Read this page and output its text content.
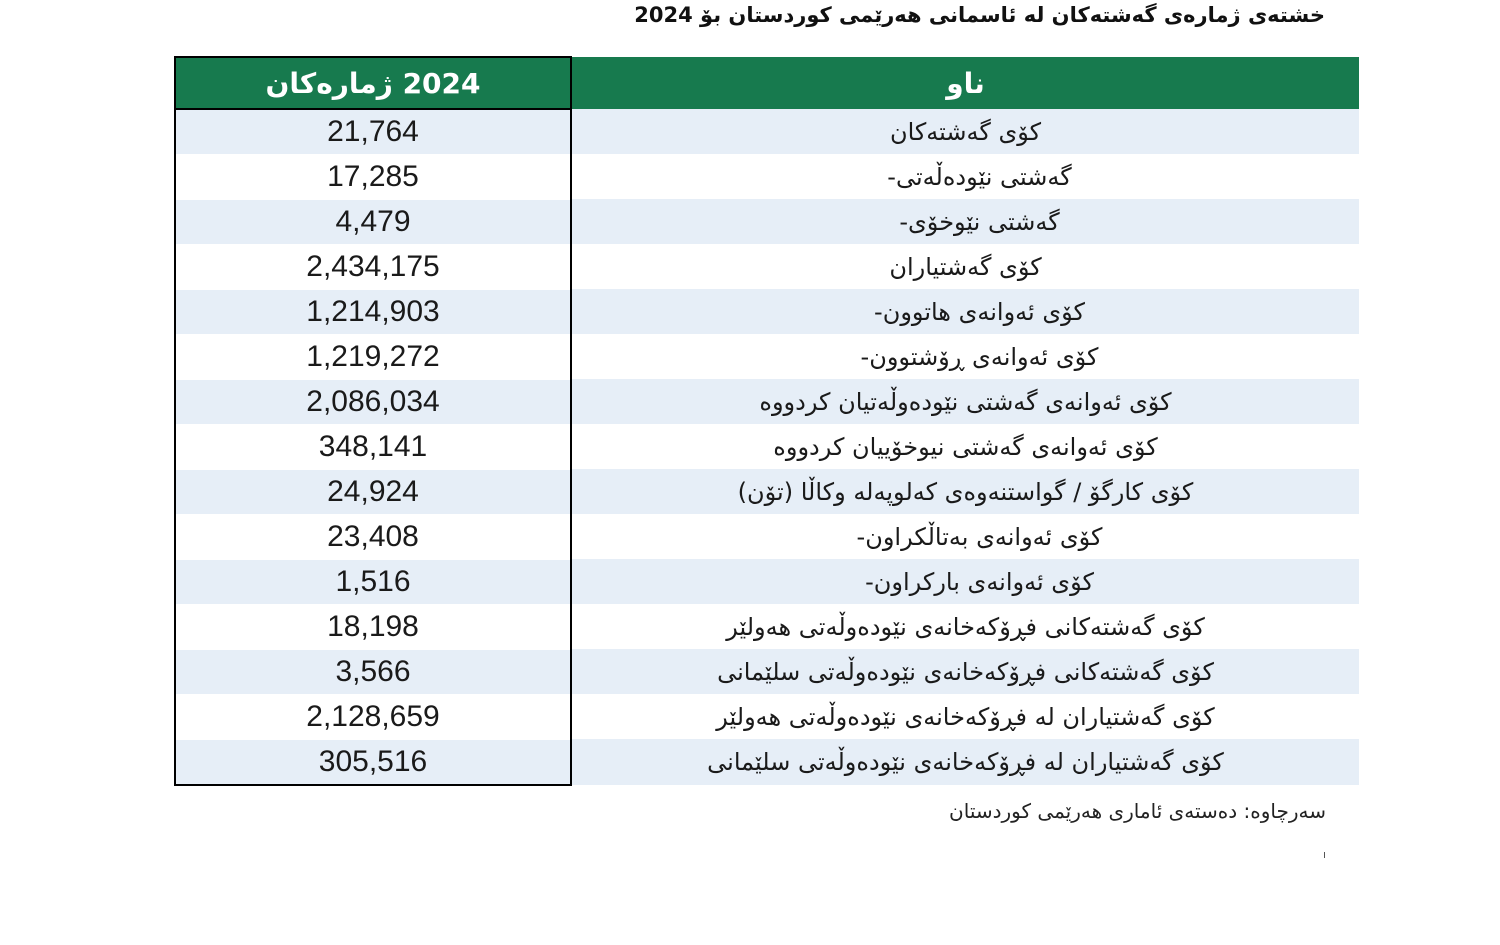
خشتەی ژمارەی گەشتەکان لە ئاسمانی هەرێمی کوردستان بۆ 2024
2024 ژمارەکان	ناو
21,764	کۆی گەشتەکان
17,285	گەشتی نێودەڵەتی-
4,479	گەشتی نێوخۆی-
2,434,175	کۆی گەشتیاران
1,214,903	کۆی ئەوانەی هاتوون-
1,219,272	کۆی ئەوانەی ڕۆشتوون-
2,086,034	کۆی ئەوانەی گەشتی نێودەوڵەتیان کردووە
348,141	کۆی ئەوانەی گەشتی نیوخۆییان کردووە
24,924	کۆی کارگۆ / گواستنەوەی کەلوپەلە وکاڵا (تۆن)
23,408	کۆی ئەوانەی بەتاڵکراون-
1,516	کۆی ئەوانەی بارکراون-
18,198	کۆی گەشتەکانی فڕۆکەخانەی نێودەوڵەتی هەولێر
3,566	کۆی گەشتەکانی فڕۆکەخانەی نێودەوڵەتی سلێمانی
2,128,659	کۆی گەشتیاران لە فڕۆکەخانەی نێودەوڵەتی هەولێر
305,516	کۆی گەشتیاران لە فڕۆکەخانەی نێودەوڵەتی سلێمانی
سەرچاوە: دەستەی ئاماری هەرێمی کوردستان
